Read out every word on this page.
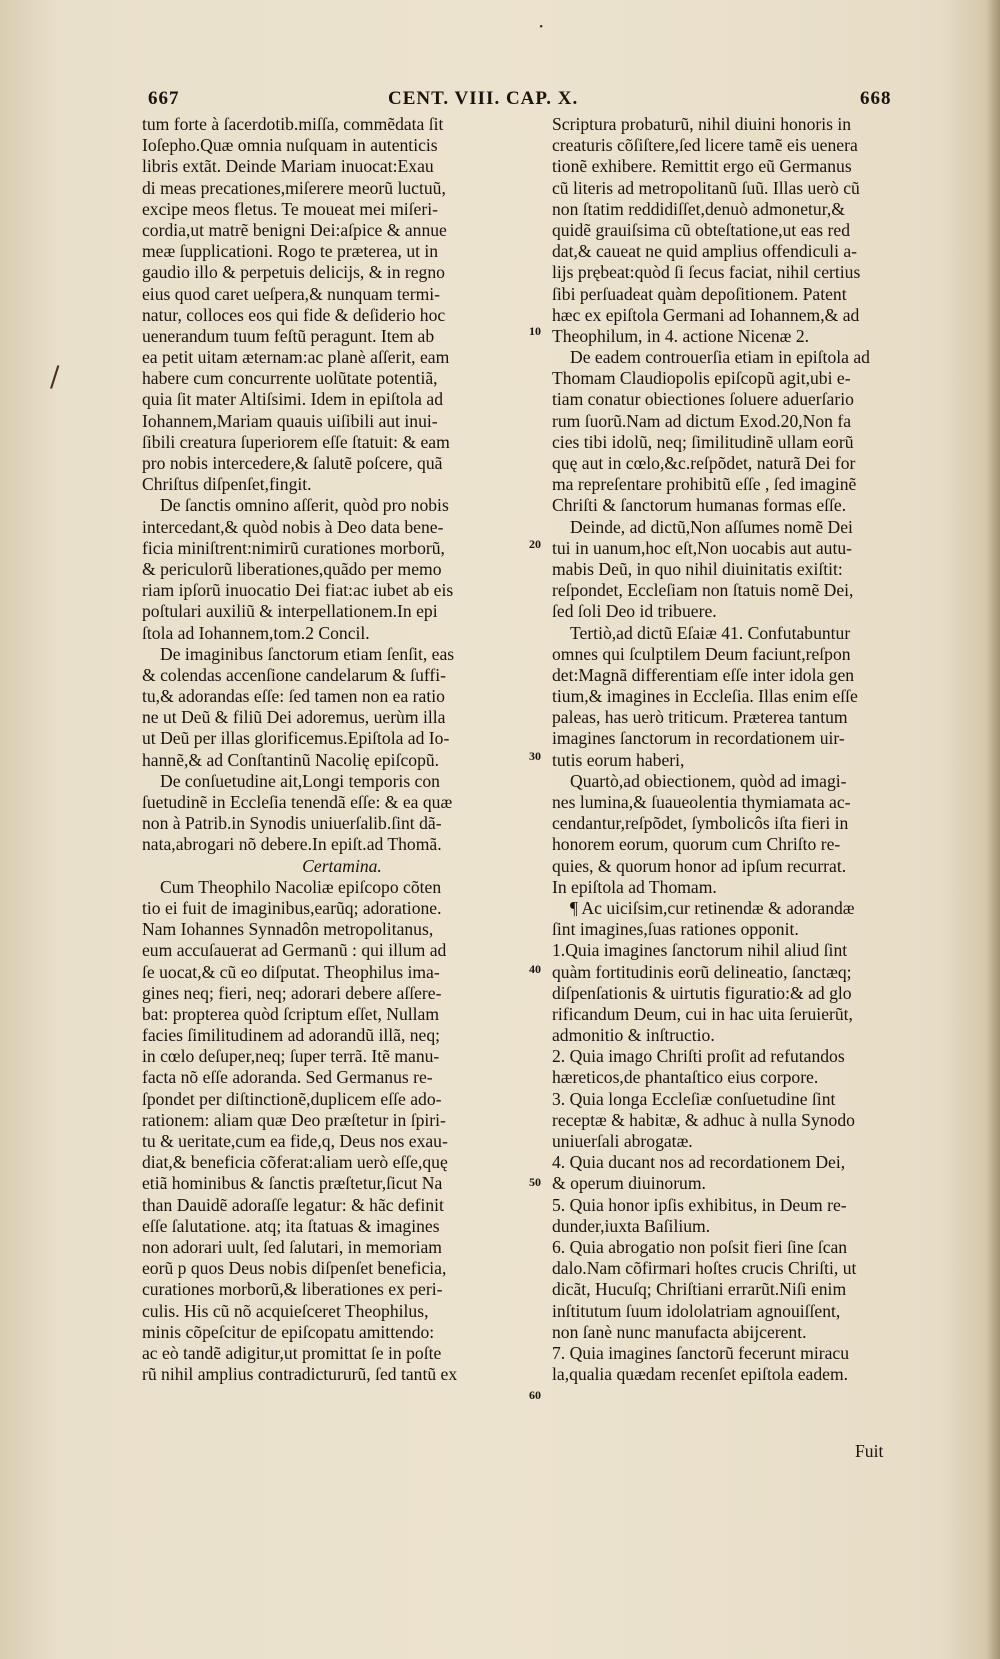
667	CENT. VIII. CAP. X.	668
tum forte à ſacerdotib.miſſa, commẽdata ſit
Ioſepho.Quæ omnia nuſquam in autenticis
libris extãt. Deinde Mariam inuocat:Exau
di meas precationes,miſerere meorũ luctuũ,
excipe meos fletus. Te moueat mei miſeri-
cordia,ut matrẽ benigni Dei:aſpice & annue
meæ ſupplicationi. Rogo te præterea, ut in
gaudio illo & perpetuis delicijs, & in regno
eius quod caret ueſpera,& nunquam termi-
natur, colloces eos qui fide & deſiderio hoc
uenerandum tuum feſtũ peragunt. Item ab
ea petit uitam æternam:ac planè aſſerit, eam
habere cum concurrente uolũtate potentiã,
quia ſit mater Altiſsimi. Idem in epiſtola ad
Iohannem,Mariam quauis uiſibili aut inui-
ſibili creatura ſuperiorem eſſe ſtatuit: & eam
pro nobis intercedere,& ſalutẽ poſcere, quã
Chriſtus diſpenſet,fingit.
De ſanctis omnino aſſerit, quòd pro nobis
intercedant,& quòd nobis à Deo data bene-
ficia miniſtrent:nimirũ curationes morborũ,
& periculorũ liberationes,quãdo per memo
riam ipſorũ inuocatio Dei fiat:ac iubet ab eis
poſtulari auxiliũ & interpellationem.In epi
ſtola ad Iohannem,tom.2 Concil.
De imaginibus ſanctorum etiam ſenſit, eas
& colendas accenſione candelarum & ſuffi-
tu,& adorandas eſſe: ſed tamen non ea ratio
ne ut Deũ & filiũ Dei adoremus, uerùm illa
ut Deũ per illas glorificemus.Epiſtola ad Io-
hannẽ,& ad Conſtantinũ Nacolię epiſcopũ.
De conſuetudine ait,Longi temporis con
ſuetudinẽ in Eccleſia tenendã eſſe: & ea quæ
non à Patrib.in Synodis uniuerſalib.ſint dã-
nata,abrogari nõ debere.In epiſt.ad Thomã.
Certamina.
Cum Theophilo Nacoliæ epiſcopo cõten
tio ei fuit de imaginibus,earũq; adoratione.
Nam Iohannes Synnadôn metropolitanus,
eum accuſauerat ad Germanũ : qui illum ad
ſe uocat,& cũ eo diſputat. Theophilus ima-
gines neq; fieri, neq; adorari debere aſſere-
bat: propterea quòd ſcriptum eſſet, Nullam
facies ſimilitudinem ad adorandũ illã, neq;
in cœlo deſuper,neq; ſuper terrã. Itẽ manu-
facta nõ eſſe adoranda. Sed Germanus re-
ſpondet per diſtinctionẽ,duplicem eſſe ado-
rationem: aliam quæ Deo præſtetur in ſpiri-
tu & ueritate,cum ea fide,q, Deus nos exau-
diat,& beneficia cõferat:aliam uerò eſſe,quę
etiã hominibus & ſanctis præſtetur,ſicut Na
than Dauidẽ adoraſſe legatur: & hãc definit
eſſe ſalutatione. atq; ita ſtatuas & imagines
non adorari uult, ſed ſalutari, in memoriam
eorũ p quos Deus nobis diſpenſet beneficia,
curationes morborũ,& liberationes ex peri-
culis. His cũ nõ acquieſceret Theophilus,
minis cõpeſcitur de epiſcopatu amittendo:
ac eò tandẽ adigitur,ut promittat ſe in poſte
rũ nihil amplius contradictururũ, ſed tantũ ex
Scriptura probaturũ, nihil diuini honoris in
creaturis cõſiſtere,ſed licere tamẽ eis uenera
tionẽ exhibere. Remittit ergo eũ Germanus
cũ literis ad metropolitanũ ſuũ. Illas uerò cũ
non ſtatim reddidiſſet,denuò admonetur,&
quidẽ grauiſsima cũ obteſtatione,ut eas red
dat,& caueat ne quid amplius offendiculi a-
lijs prębeat:quòd ſi ſecus faciat, nihil certius
ſibi perſuadeat quàm depoſitionem. Patent
hæc ex epiſtola Germani ad Iohannem,& ad
Theophilum, in 4. actione Nicenæ 2.
De eadem controuerſia etiam in epiſtola ad
Thomam Claudiopolis epiſcopũ agit,ubi e-
tiam conatur obiectiones ſoluere aduerſario
rum ſuorũ.Nam ad dictum Exod.20,Non fa
cies tibi idolũ, neq; ſimilitudinẽ ullam eorũ
quę aut in cœlo,&c.reſpõdet, naturã Dei for
ma repreſentare prohibitũ eſſe , ſed imaginẽ
Chriſti & ſanctorum humanas formas eſſe.
Deinde, ad dictũ,Non aſſumes nomẽ Dei
tui in uanum,hoc eſt,Non uocabis aut autu-
mabis Deũ, in quo nihil diuinitatis exiſtit:
reſpondet, Eccleſiam non ſtatuis nomẽ Dei,
ſed ſoli Deo id tribuere.
Tertiò,ad dictũ Eſaiæ 41. Confutabuntur
omnes qui ſculptilem Deum faciunt,reſpon
det:Magnã differentiam eſſe inter idola gen
tium,& imagines in Eccleſia. Illas enim eſſe
paleas, has uerò triticum. Præterea tantum
imagines ſanctorum in recordationem uir-
tutis eorum haberi,
Quartò,ad obiectionem, quòd ad imagi-
nes lumina,& ſuaueolentia thymiamata ac-
cendantur,reſpõdet, ſymbolicôs iſta fieri in
honorem eorum, quorum cum Chriſto re-
quies, & quorum honor ad ipſum recurrat.
In epiſtola ad Thomam.
¶ Ac uiciſsim,cur retinendæ & adorandæ
ſint imagines,ſuas rationes opponit.
1.Quia imagines ſanctorum nihil aliud ſint
quàm fortitudinis eorũ delineatio, ſanctæq;
diſpenſationis & uirtutis figuratio:& ad glo
rificandum Deum, cui in hac uita ſeruierũt,
admonitio & inſtructio.
2. Quia imago Chriſti proſit ad refutandos
hæreticos,de phantaſtico eius corpore.
3. Quia longa Eccleſiæ conſuetudine ſint
receptæ & habitæ, & adhuc à nulla Synodo
uniuerſali abrogatæ.
4. Quia ducant nos ad recordationem Dei,
& operum diuinorum.
5. Quia honor ipſis exhibitus, in Deum re-
dunder,iuxta Baſilium.
6. Quia abrogatio non poſsit fieri ſine ſcan
dalo.Nam cõfirmari hoſtes crucis Chriſti, ut
dicãt, Hucuſq; Chriſtiani errarũt.Niſi enim
inſtitutum ſuum idololatriam agnouiſſent,
non ſanè nunc manufacta abijcerent.
7. Quia imagines ſanctorũ fecerunt miracu
la,qualia quædam recenſet epiſtola eadem.
10
20
30
40
50
60
Fuit
·
/
